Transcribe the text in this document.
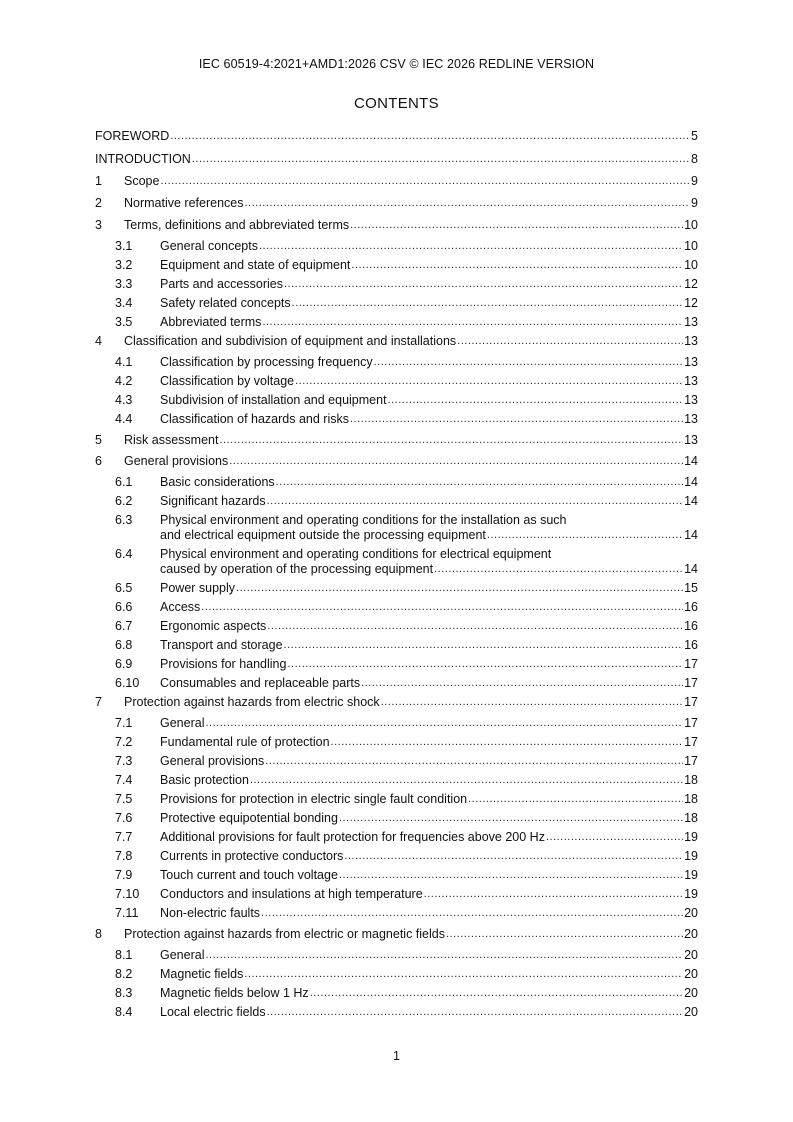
IEC 60519-4:2021+AMD1:2026 CSV © IEC 2026 REDLINE VERSION
CONTENTS
FOREWORD .....	5
INTRODUCTION .....	8
1	Scope .....	9
2	Normative references .....	9
3	Terms, definitions and abbreviated terms .....	10
3.1	General concepts .....	10
3.2	Equipment and state of equipment .....	10
3.3	Parts and accessories .....	12
3.4	Safety related concepts .....	12
3.5	Abbreviated terms .....	13
4	Classification and subdivision of equipment and installations .....	13
4.1	Classification by processing frequency .....	13
4.2	Classification by voltage .....	13
4.3	Subdivision of installation and equipment .....	13
4.4	Classification of hazards and risks .....	13
5	Risk assessment .....	13
6	General provisions .....	14
6.1	Basic considerations .....	14
6.2	Significant hazards .....	14
6.3	Physical environment and operating conditions for the installation as such
and electrical equipment outside the processing equipment .....	14
6.4	Physical environment and operating conditions for electrical equipment
caused by operation of the processing equipment .....	14
6.5	Power supply .....	15
6.6	Access .....	16
6.7	Ergonomic aspects .....	16
6.8	Transport and storage .....	16
6.9	Provisions for handling .....	17
6.10	Consumables and replaceable parts .....	17
7	Protection against hazards from electric shock .....	17
7.1	General .....	17
7.2	Fundamental rule of protection .....	17
7.3	General provisions .....	17
7.4	Basic protection .....	18
7.5	Provisions for protection in electric single fault condition .....	18
7.6	Protective equipotential bonding .....	18
7.7	Additional provisions for fault protection for frequencies above 200 Hz .....	19
7.8	Currents in protective conductors .....	19
7.9	Touch current and touch voltage .....	19
7.10	Conductors and insulations at high temperature .....	19
7.11	Non-electric faults .....	20
8	Protection against hazards from electric or magnetic fields .....	20
8.1	General .....	20
8.2	Magnetic fields .....	20
8.3	Magnetic fields below 1 Hz .....	20
8.4	Local electric fields .....	20
1
